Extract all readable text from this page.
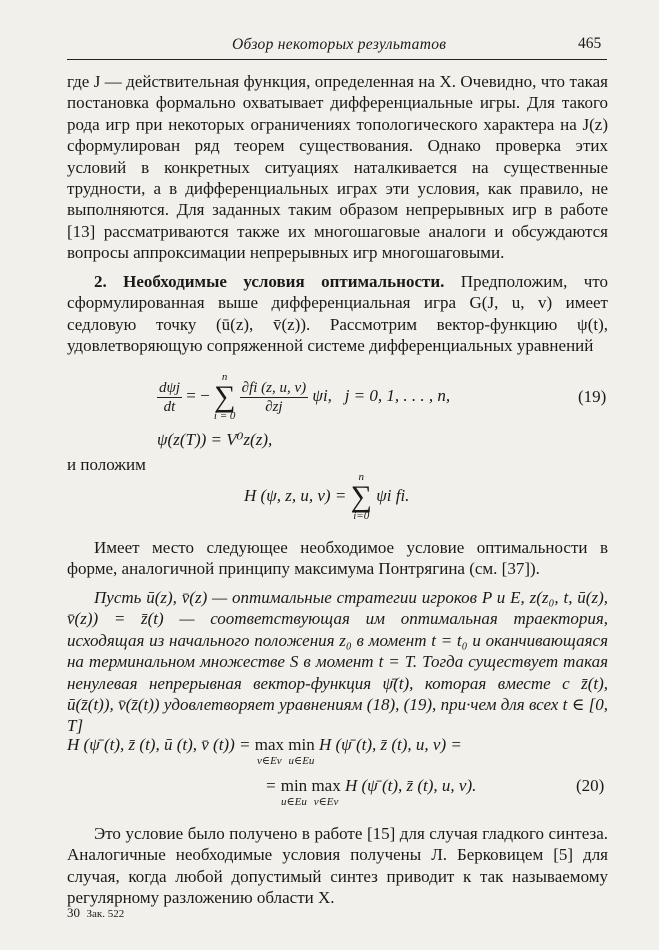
Обзор некоторых результатов	465

где J — действительная функция, определенная на X. Очевидно, что такая постановка формально охватывает дифференциальные игры. Для такого рода игр при некоторых ограничениях топологического характера на J(z) сформулирован ряд теорем существования. Однако проверка этих условий в конкретных ситуациях наталкивается на существенные трудности, а в дифференциальных играх эти условия, как правило, не выполняются. Для заданных таким образом непрерывных игр в работе [13] рассматриваются также их многошаговые аналоги и обсуждаются вопросы аппроксимации непрерывных игр многошаговыми.

2. Необходимые условия оптимальности. Предположим, что сформулированная выше дифференциальная игра G(J, u, v) имеет седловую точку (ū(z), v̄(z)). Рассмотрим вектор-функцию ψ(t), удовлетворяющую сопряженной системе дифференциальных уравнений

$\frac{\text{dψj}}{dt}$ = −
n
∑
i = 0

$\frac{\partial fi (z, u, v)}{\partial zj} \psi i$, j = 0, 1, . . . , n,	(19)
ψ(z(T)) = V⁰z(z),
и положим
H (ψ, z, u, v) =
n
∑
i=0
ψi fi.

Имеет место следующее необходимое условие оптимальности в форме, аналогичной принципу максимума Понтрягина (см. [37]).

Пусть ū(z), v̄(z) — оптимальные стратегии игроков P и E, z(z₀, t, ū(z), v̄(z)) = z̄(t) — соответствующая им оптимальная траектория, исходящая из начального положения z₀ в момент t = t₀ и оканчивающаяся на терминальном множестве S в момент t = T. Тогда существует такая ненулевая непрерывная вектор-функция ψ̄(t), которая вместе с z̄(t), ū(z̄(t)), v̄(z̄(t)) удовлетворяет уравнениям (18), (19), при·чем для всех t ∈ [0, T]

H (ψ̄ (t), z̄ (t), ū (t), v̄ (t)) = max
v∈Ev
min
u∈Eu
H (ψ̄ (t), z̄ (t), u, v) =
= min
u∈Eu
max
v∈Ev
H (ψ̄ (t), z̄ (t), u, v).	(20)

Это условие было получено в работе [15] для случая гладкого синтеза. Аналогичные необходимые условия получены Л. Берковицем [5] для случая, когда любой допустимый синтез приводит к так называемому регулярному разложению области X.

30 Зак. 522
